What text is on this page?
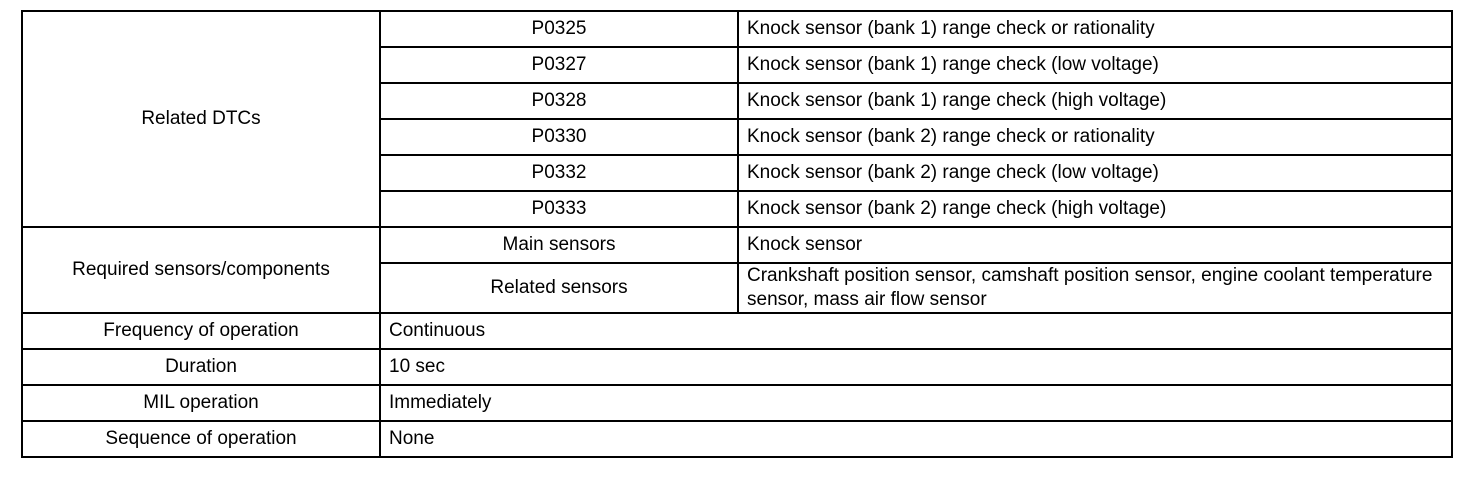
Related DTCs	P0325	Knock sensor (bank 1) range check or rationality
	P0327	Knock sensor (bank 1) range check (low voltage)
	P0328	Knock sensor (bank 1) range check (high voltage)
	P0330	Knock sensor (bank 2) range check or rationality
	P0332	Knock sensor (bank 2) range check (low voltage)
	P0333	Knock sensor (bank 2) range check (high voltage)
Required sensors/components	Main sensors	Knock sensor
	Related sensors	Crankshaft position sensor, camshaft position sensor, engine coolant temperature sensor, mass air flow sensor
Frequency of operation	Continuous	
Duration	10 sec	
MIL operation	Immediately	
Sequence of operation	None	
